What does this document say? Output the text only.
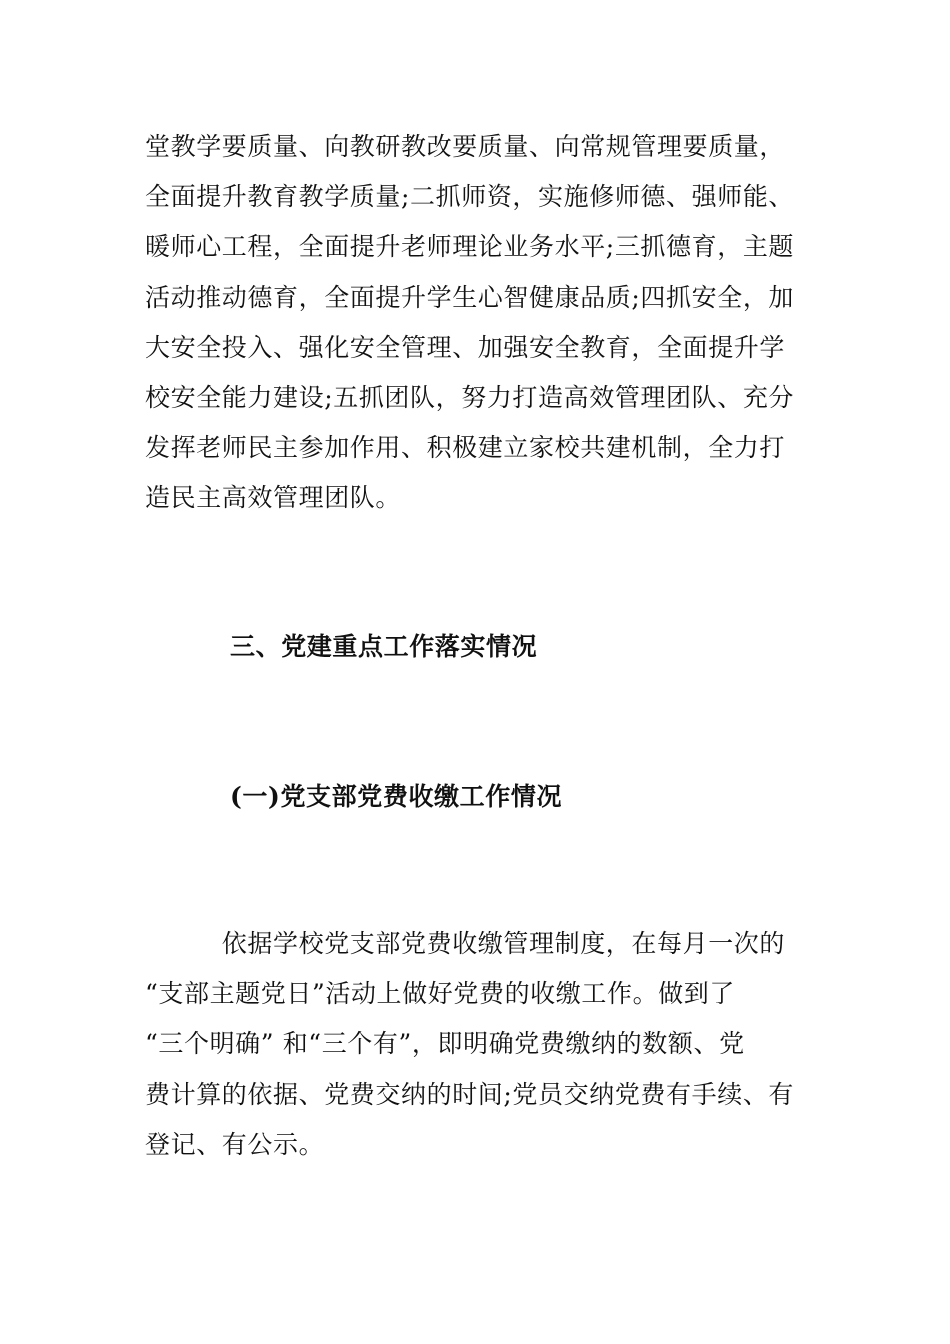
堂教学要质量、向教研教改要质量、向常规管理要质量，
全面提升教育教学质量;二抓师资，实施修师德、强师能、
暖师心工程，全面提升老师理论业务水平;三抓德育，主题
活动推动德育，全面提升学生心智健康品质;四抓安全，加
大安全投入、强化安全管理、加强安全教育，全面提升学
校安全能力建设;五抓团队，努力打造高效管理团队、充分
发挥老师民主参加作用、积极建立家校共建机制，全力打
造民主高效管理团队。

三、党建重点工作落实情况
(一)党支部党费收缴工作情况

　　　依据学校党支部党费收缴管理制度，在每月一次的
“支部主题党日”活动上做好党费的收缴工作。做到了
“三个明确” 和“三个有”，即明确党费缴纳的数额、党
费计算的依据、党费交纳的时间;党员交纳党费有手续、有
登记、有公示。
